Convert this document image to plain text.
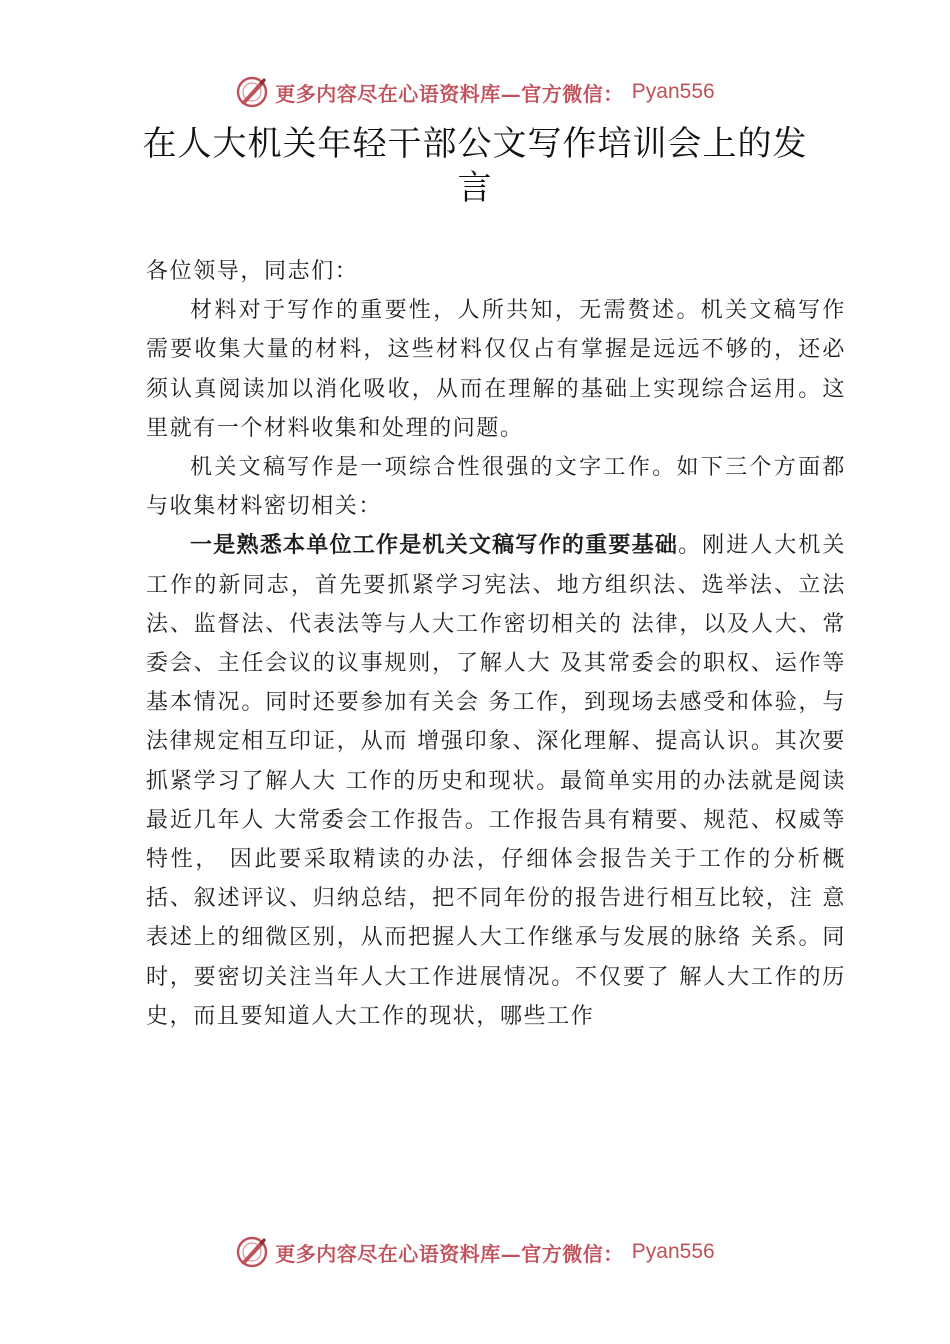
更多内容尽在心语资料库—官方微信： Pyan556
在人大机关年轻干部公文写作培训会上的发言

各位领导，同志们：

材料对于写作的重要性，人所共知，无需赘述。机关文稿写作需要收集大量的材料，这些材料仅仅占有掌握是远远不够的，还必须认真阅读加以消化吸收，从而在理解的基础上实现综合运用。这里就有一个材料收集和处理的问题。

机关文稿写作是一项综合性很强的文字工作。如下三个方面都与收集材料密切相关：

一是熟悉本单位工作是机关文稿写作的重要基础。刚进人大机关工作的新同志，首先要抓紧学习宪法、地方组织法、选举法、立法法、监督法、代表法等与人大工作密切相关的 法律，以及人大、常委会、主任会议的议事规则，了解人大 及其常委会的职权、运作等基本情况。同时还要参加有关会 务工作，到现场去感受和体验，与法律规定相互印证，从而 增强印象、深化理解、提高认识。其次要抓紧学习了解人大 工作的历史和现状。最简单实用的办法就是阅读最近几年人 大常委会工作报告。工作报告具有精要、规范、权威等特性， 因此要采取精读的办法，仔细体会报告关于工作的分析概括、叙述评议、归纳总结，把不同年份的报告进行相互比较，注 意表述上的细微区别，从而把握人大工作继承与发展的脉络 关系。同时，要密切关注当年人大工作进展情况。不仅要了 解人大工作的历史，而且要知道人大工作的现状，哪些工作

更多内容尽在心语资料库—官方微信： Pyan556
